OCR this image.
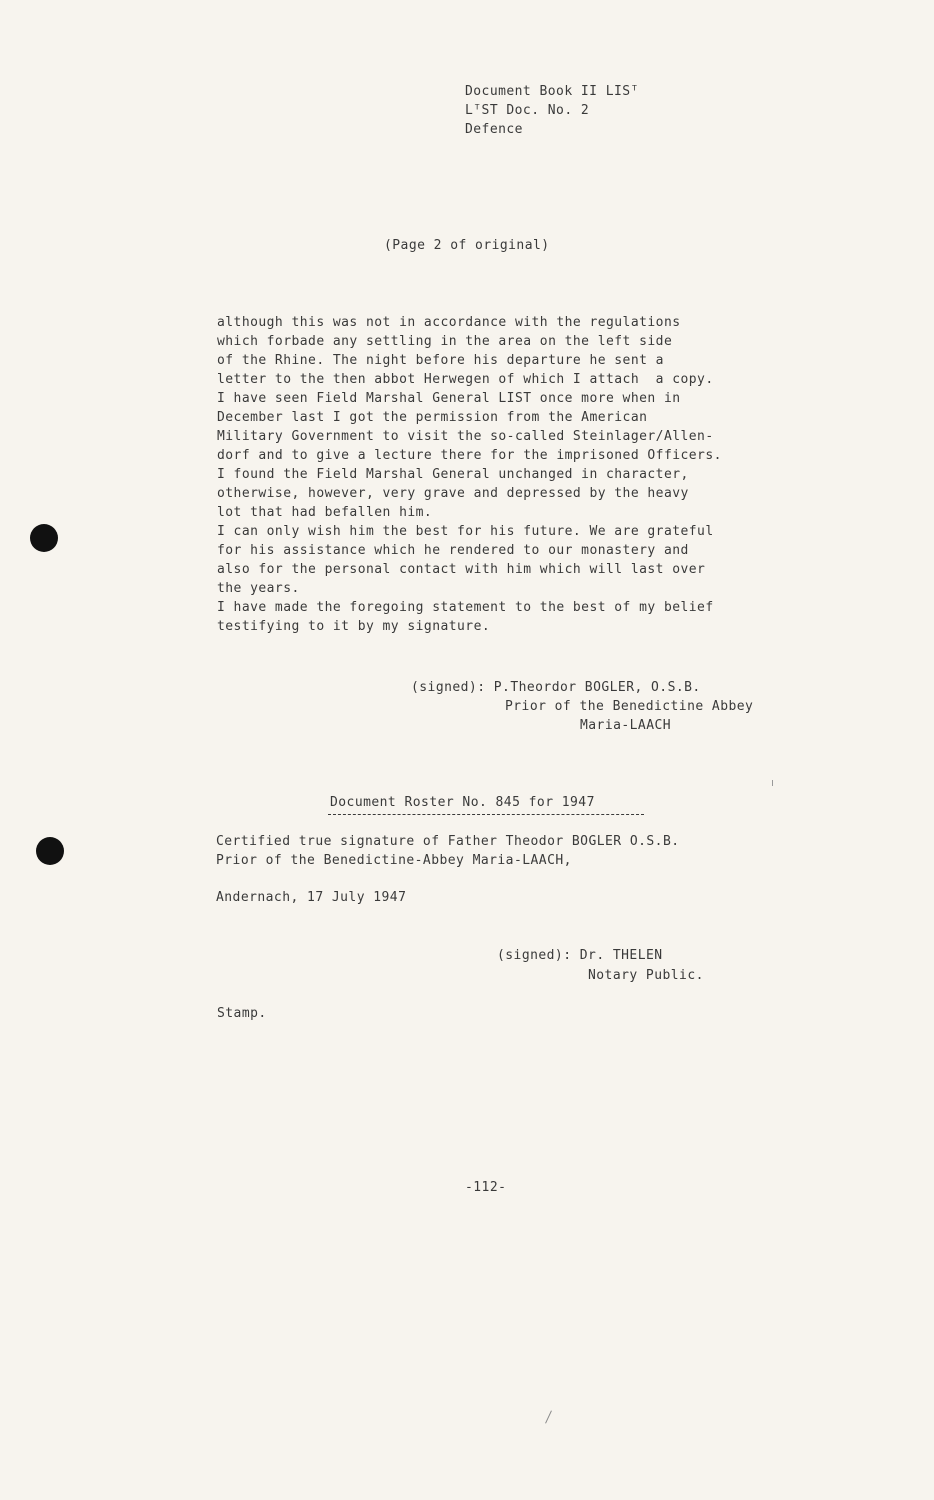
Document Book II LISᵀ
LᵀST Doc. No. 2
Defence
(Page 2 of original)
although this was not in accordance with the regulations
which forbade any settling in the area on the left side
of the Rhine. The night before his departure he sent a
letter to the then abbot Herwegen of which I attach  a copy.
I have seen Field Marshal General LIST once more when in
December last I got the permission from the American
Military Government to visit the so-called Steinlager/Allen-
dorf and to give a lecture there for the imprisoned Officers.
I found the Field Marshal General unchanged in character,
otherwise, however, very grave and depressed by the heavy
lot that had befallen him.
I can only wish him the best for his future. We are grateful
for his assistance which he rendered to our monastery and
also for the personal contact with him which will last over
the years.
I have made the foregoing statement to the best of my belief
testifying to it by my signature.
(signed): P.Theordor BOGLER, O.S.B.
Prior of the Benedictine Abbey
Maria-LAACH
Document Roster No. 845 for 1947
Certified true signature of Father Theodor BOGLER O.S.B.
Prior of the Benedictine-Abbey Maria-LAACH,
Andernach, 17 July 1947
(signed): Dr. THELEN
Notary Public.
Stamp.
-112-
